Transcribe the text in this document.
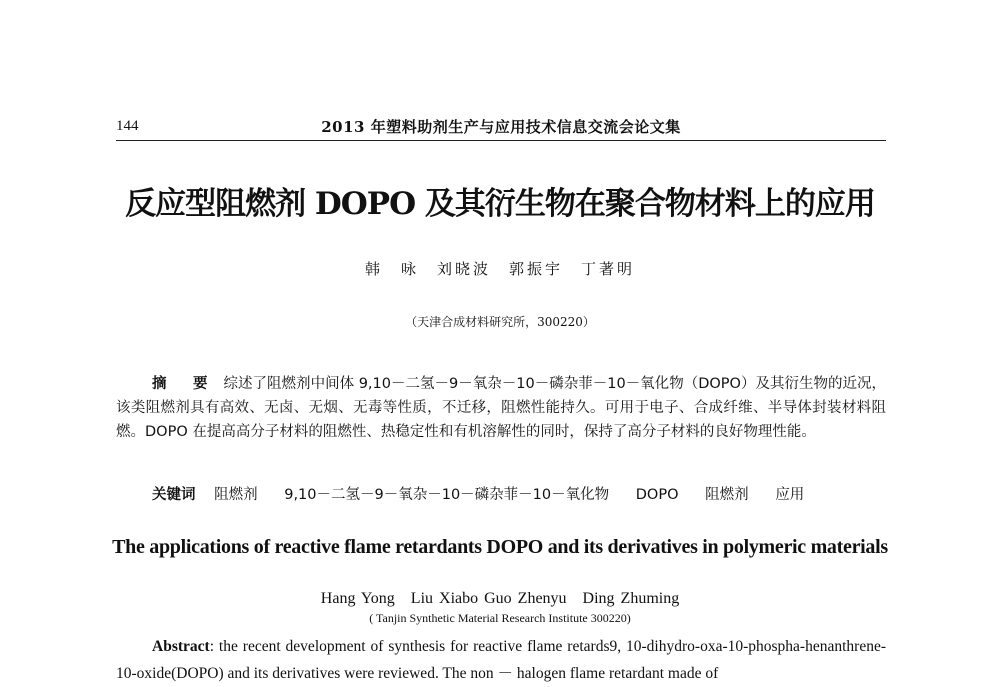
144	2013 年塑料助剂生产与应用技术信息交流会论文集
反应型阻燃剂 DOPO 及其衍生物在聚合物材料上的应用
韩　咏　刘晓波　郭振宇　丁著明
（天津合成材料研究所，300220）
摘　要 综述了阻燃剂中间体 9,10－二氢－9－氧杂－10－磷杂菲－10－氧化物（DOPO）及其衍生物的近况，该类阻燃剂具有高效、无卤、无烟、无毒等性质，不迁移，阻燃性能持久。可用于电子、合成纤维、半导体封装材料阻燃。DOPO 在提高高分子材料的阻燃性、热稳定性和有机溶解性的同时，保持了高分子材料的良好物理性能。
关键词 阻燃剂 9,10－二氢－9－氧杂－10－磷杂菲－10－氧化物 DOPO 阻燃剂 应用
The applications of reactive flame retardants DOPO and its derivatives in polymeric materials
Hang Yong　Liu Xiabo Guo Zhenyu　Ding Zhuming
( Tanjin Synthetic Material Research Institute 300220)
Abstract: the recent development of synthesis for reactive flame retards9, 10-dihydro-oxa-10-phospha-henanthrene-10-oxide(DOPO) and its derivatives were reviewed. The non － halogen flame retardant made of
